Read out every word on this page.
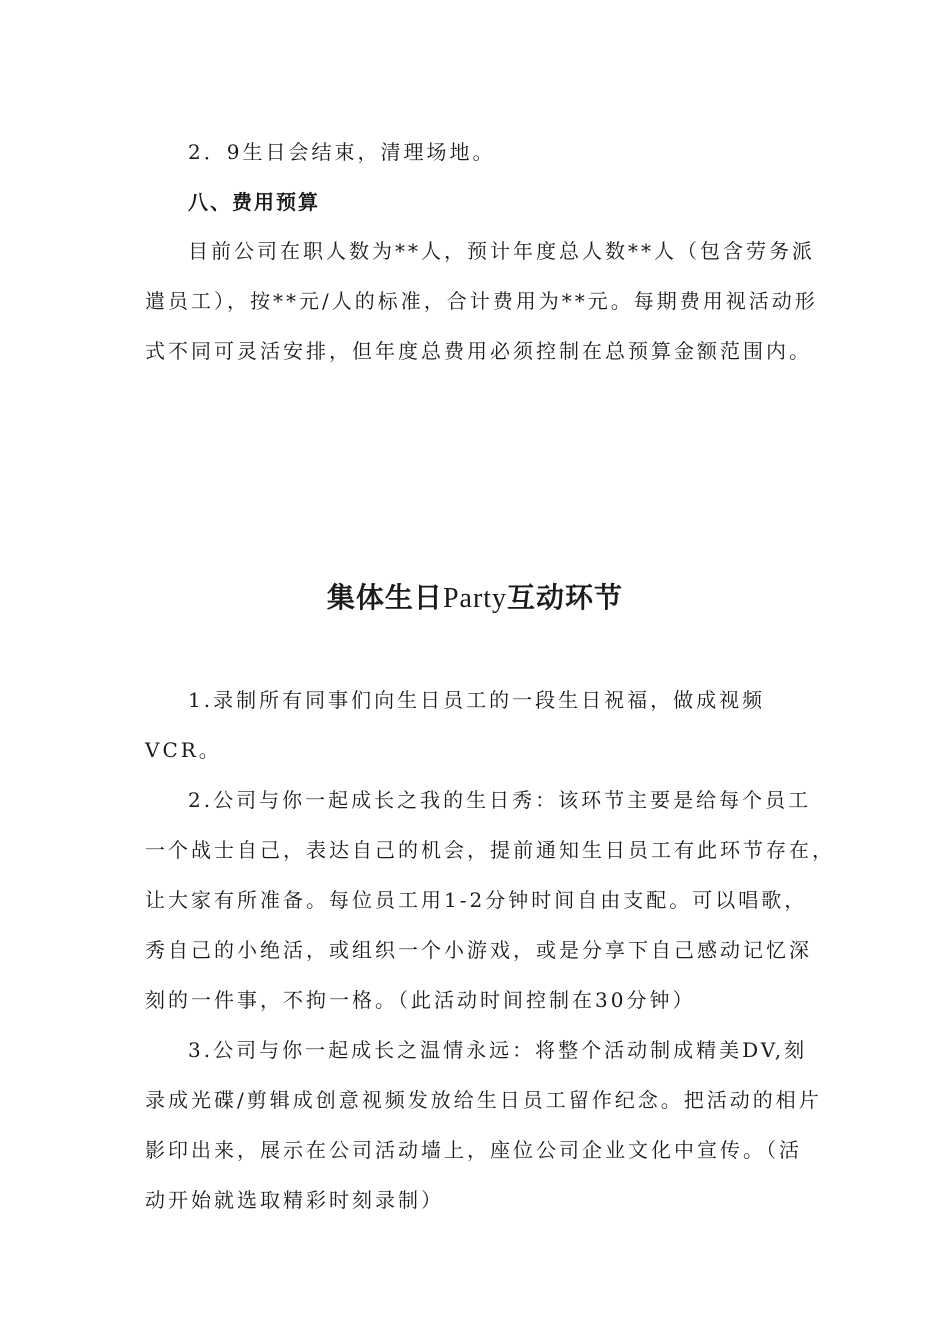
2．9生日会结束，清理场地。
八、费用预算
目前公司在职人数为**人，预计年度总人数**人（包含劳务派
遣员工），按**元/人的标准，合计费用为**元。每期费用视活动形
式不同可灵活安排，但年度总费用必须控制在总预算金额范围内。
集体生日Party互动环节
1.录制所有同事们向生日员工的一段生日祝福，做成视频
VCR。
2.公司与你一起成长之我的生日秀：该环节主要是给每个员工
一个战士自己，表达自己的机会，提前通知生日员工有此环节存在，
让大家有所准备。每位员工用1-2分钟时间自由支配。可以唱歌，
秀自己的小绝活，或组织一个小游戏，或是分享下自己感动记忆深
刻的一件事，不拘一格。（此活动时间控制在30分钟）
3.公司与你一起成长之温情永远：将整个活动制成精美DV,刻
录成光碟/剪辑成创意视频发放给生日员工留作纪念。把活动的相片
影印出来，展示在公司活动墙上，座位公司企业文化中宣传。（活
动开始就选取精彩时刻录制）
